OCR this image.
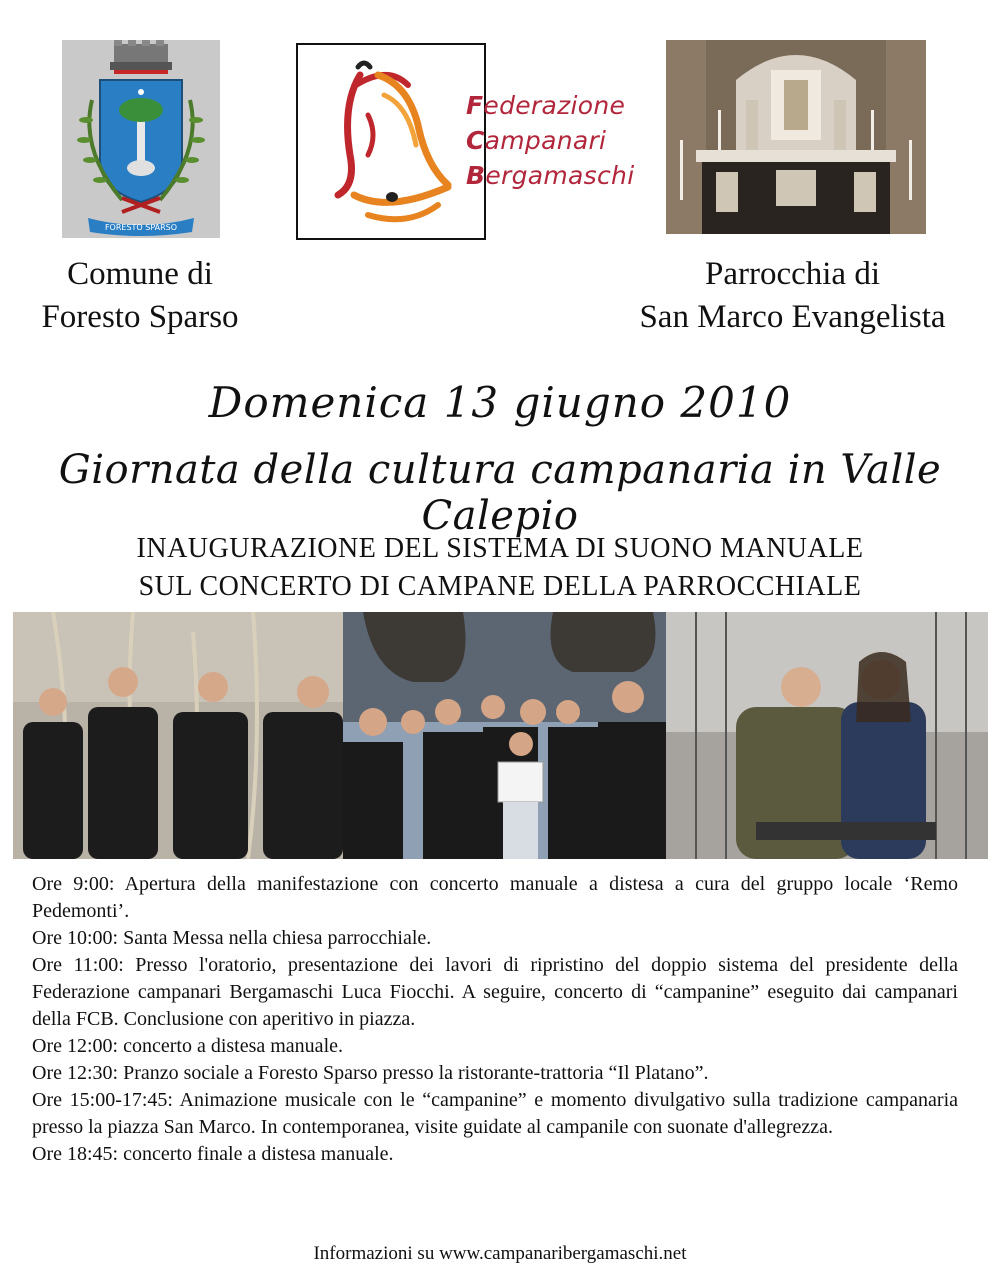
FORESTO SPARSO
Federazione
Campanari
Bergamaschi
Comune di
Foresto Sparso
Parrocchia di
San Marco Evangelista
Domenica 13 giugno 2010
Giornata della cultura campanaria in Valle Calepio
INAUGURAZIONE DEL SISTEMA DI SUONO MANUALE
SUL CONCERTO DI CAMPANE DELLA PARROCCHIALE
Ore 9:00: Apertura della manifestazione con concerto manuale a distesa a cura del gruppo locale ‘Remo Pedemonti’.
Ore 10:00: Santa Messa nella chiesa parrocchiale.
Ore 11:00: Presso l'oratorio, presentazione dei lavori di ripristino del doppio sistema del presidente della Federazione campanari Bergamaschi Luca Fiocchi. A seguire, concerto di “campanine” eseguito dai campanari della FCB. Conclusione con aperitivo in piazza.
Ore 12:00: concerto a distesa manuale.
Ore 12:30: Pranzo sociale a Foresto Sparso presso la ristorante-trattoria “Il Platano”.
Ore 15:00-17:45: Animazione musicale con le “campanine” e momento divulgativo sulla tradizione campanaria presso la piazza San Marco. In contemporanea, visite guidate al campanile con suonate d'allegrezza.
Ore 18:45: concerto finale a distesa manuale.
Informazioni su www.campanaribergamaschi.net
